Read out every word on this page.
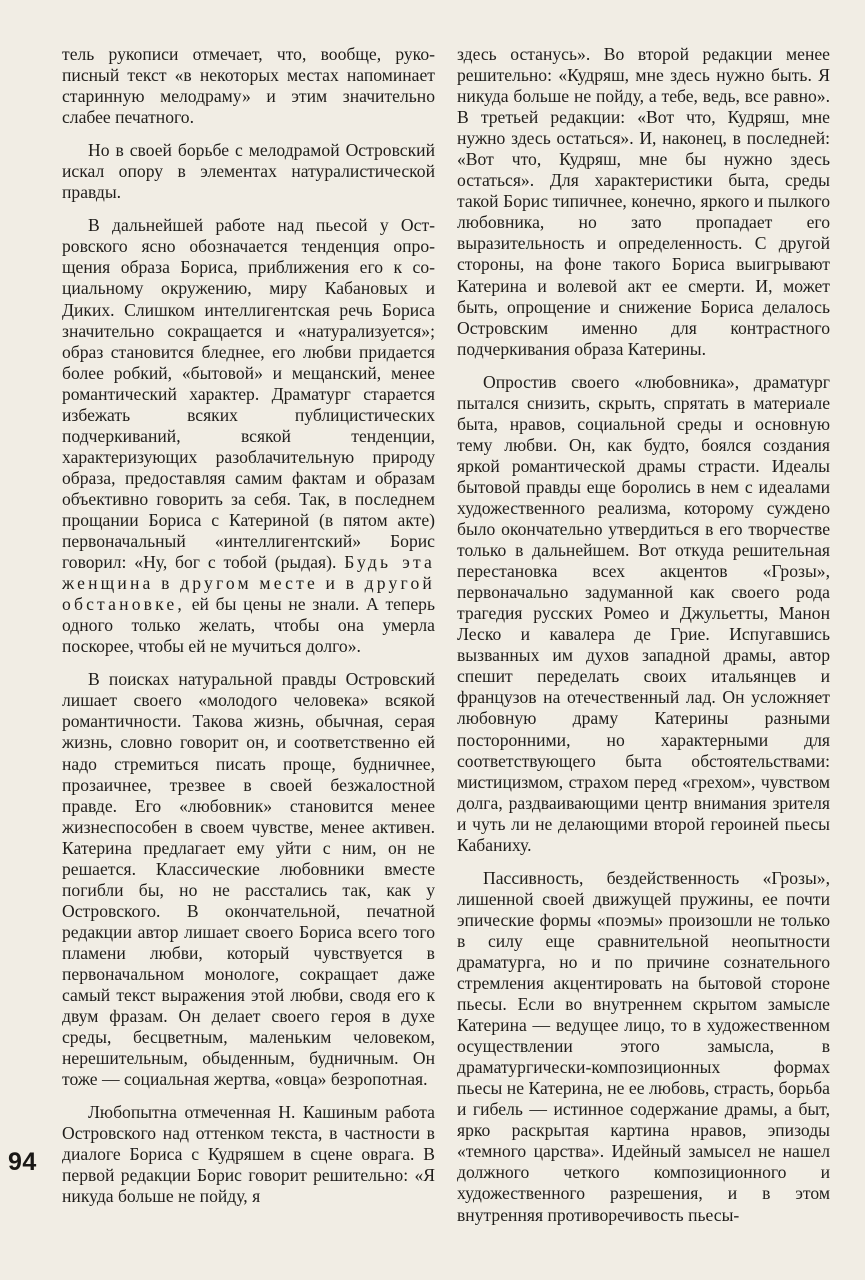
тель рукописи отмечает, что, вообще, рукописный текст «в некоторых местах напоминает старинную мелодраму» и этим значительно слабее печатного.

Но в своей борьбе с мелодрамой Островский искал опору в элементах натуралистической правды.

В дальнейшей работе над пьесой у Островского ясно обозначается тенденция опрощения образа Бориса, приближения его к социальному окружению, миру Кабановых и Диких. Слишком интеллигентская речь Бориса значительно сокращается и «натурализуется»; образ становится бледнее, его любви придается более робкий, «бытовой» и мещанский, менее романтический характер. Драматург старается избежать всяких публицистических подчеркиваний, всякой тенденции, характеризующих разоблачительную природу образа, предоставляя самим фактам и образам объективно говорить за себя. Так, в последнем прощании Бориса с Катериной (в пятом акте) первоначальный «интеллигентский» Борис говорил: «Ну, бог с тобой (рыдая). Будь эта женщина в другом месте и в другой обстановке, ей бы цены не знали. А теперь одного только желать, чтобы она умерла поскорее, чтобы ей не мучиться долго».

В поисках натуральной правды Островский лишает своего «молодого человека» всякой романтичности. Такова жизнь, обычная, серая жизнь, словно говорит он, и соответственно ей надо стремиться писать проще, будничнее, прозаичнее, трезвее в своей безжалостной правде. Его «любовник» становится менее жизнеспособен в своем чувстве, менее активен. Катерина предлагает ему уйти с ним, он не решается. Классические любовники вместе погибли бы, но не расстались так, как у Островского. В окончательной, печатной редакции автор лишает своего Бориса всего того пламени любви, который чувствуется в первоначальном монологе, сокращает даже самый текст выражения этой любви, сводя его к двум фразам. Он делает своего героя в духе среды, бесцветным, маленьким человеком, нерешительным, обыденным, будничным. Он тоже — социальная жертва, «овца» безропотная.

Любопытна отмеченная Н. Кашиным работа Островского над оттенком текста, в частности в диалоге Бориса с Кудряшем в сцене оврага. В первой редакции Борис говорит решительно: «Я никуда больше не пойду, я

здесь останусь». Во второй редакции менее решительно: «Кудряш, мне здесь нужно быть. Я никуда больше не пойду, а тебе, ведь, все равно». В третьей редакции: «Вот что, Кудряш, мне нужно здесь остаться». И, наконец, в последней: «Вот что, Кудряш, мне бы нужно здесь остаться». Для характеристики быта, среды такой Борис типичнее, конечно, яркого и пылкого любовника, но зато пропадает его выразительность и определенность. С другой стороны, на фоне такого Бориса выигрывают Катерина и волевой акт ее смерти. И, может быть, опрощение и снижение Бориса делалось Островским именно для контрастного подчеркивания образа Катерины.

Опростив своего «любовника», драматург пытался снизить, скрыть, спрятать в материале быта, нравов, социальной среды и основную тему любви. Он, как будто, боялся создания яркой романтической драмы страсти. Идеалы бытовой правды еще боролись в нем с идеалами художественного реализма, которому суждено было окончательно утвердиться в его творчестве только в дальнейшем. Вот откуда решительная перестановка всех акцентов «Грозы», первоначально задуманной как своего рода трагедия русских Ромео и Джульетты, Манон Леско и кавалера де Грие. Испугавшись вызванных им духов западной драмы, автор спешит переделать своих итальянцев и французов на отечественный лад. Он усложняет любовную драму Катерины разными посторонними, но характерными для соответствующего быта обстоятельствами: мистицизмом, страхом перед «грехом», чувством долга, раздваивающими центр внимания зрителя и чуть ли не делающими второй героиней пьесы Кабаниху.

Пассивность, бездейственность «Грозы», лишенной своей движущей пружины, ее почти эпические формы «поэмы» произошли не только в силу еще сравнительной неопытности драматурга, но и по причине сознательного стремления акцентировать на бытовой стороне пьесы. Если во внутреннем скрытом замысле Катерина — ведущее лицо, то в художественном осуществлении этого замысла, в драматургически-композиционных формах пьесы не Катерина, не ее любовь, страсть, борьба и гибель — истинное содержание драмы, а быт, ярко раскрытая картина нравов, эпизоды «темного царства». Идейный замысел не нашел должного четкого композиционного и художественного разрешения, и в этом внутренняя противоречивость пьесы-

94
